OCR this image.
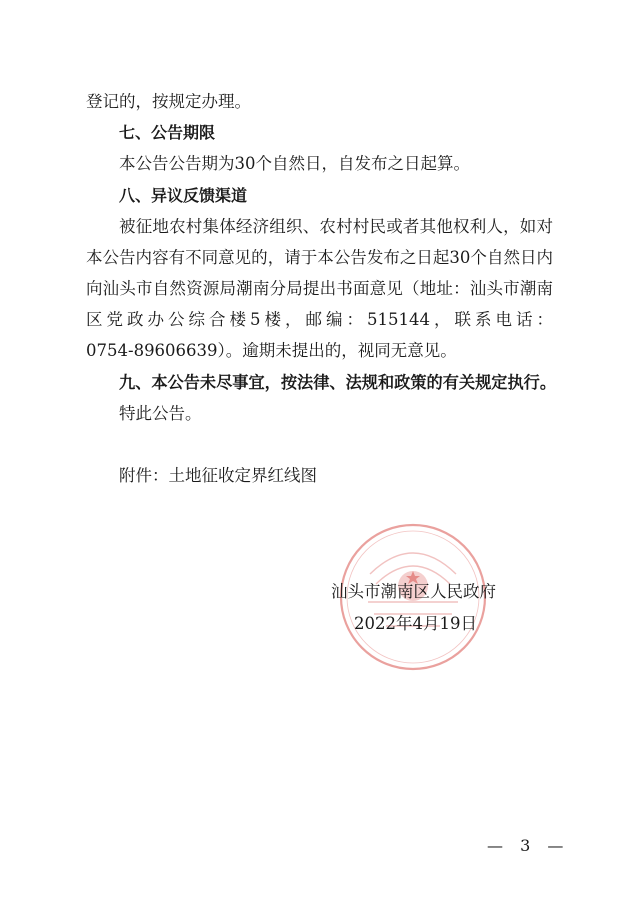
登记的，按规定办理。
七、公告期限
本公告公告期为30个自然日，自发布之日起算。
八、异议反馈渠道
被征地农村集体经济组织、农村村民或者其他权利人，如对
本公告内容有不同意见的，请于本公告发布之日起30个自然日内
向汕头市自然资源局潮南分局提出书面意见（地址：汕头市潮南
区党政办公综合楼5楼，邮编：515144，联系电话：
0754-89606639）。逾期未提出的，视同无意见。
九、本公告未尽事宜，按法律、法规和政策的有关规定执行。
特此公告。
附件：土地征收定界红线图
汕头市潮南区人民政府
2022年4月19日
— 3 —
